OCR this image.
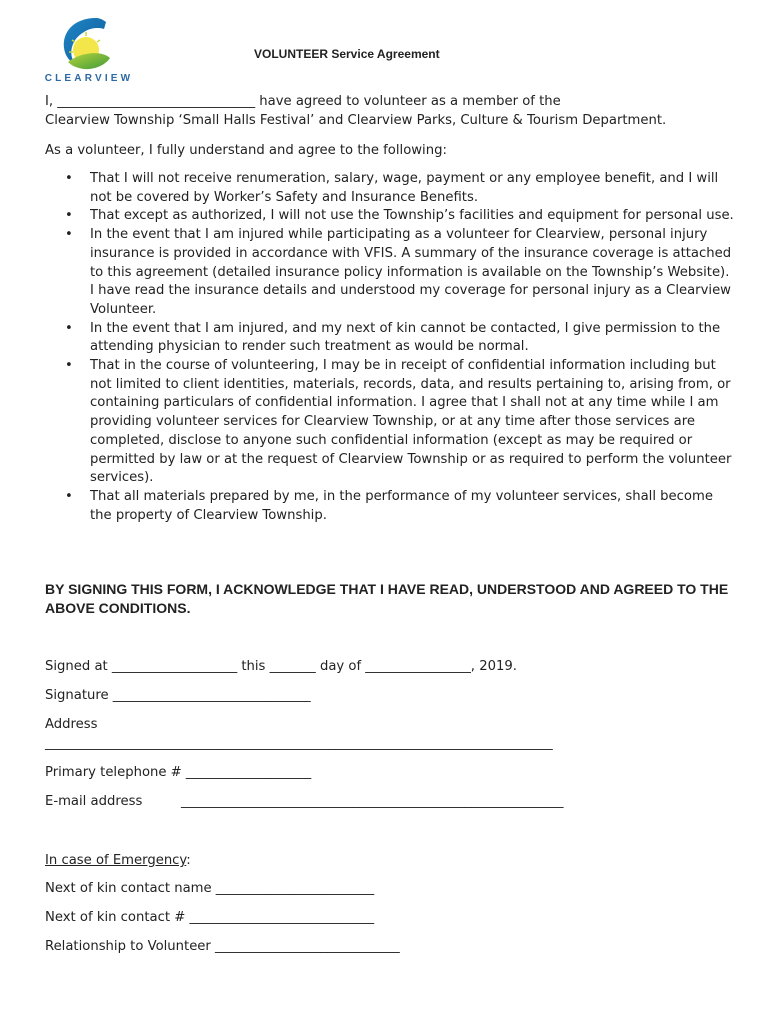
CLEARVIEW
VOLUNTEER Service Agreement
I, ______________________________ have agreed to volunteer as a member of the
Clearview Township ‘Small Halls Festival’ and Clearview Parks, Culture & Tourism Department.
As a volunteer, I fully understand and agree to the following:
• That I will not receive renumeration, salary, wage, payment or any employee benefit, and I will not be covered by Worker’s Safety and Insurance Benefits.
• That except as authorized, I will not use the Township’s facilities and equipment for personal use.
• In the event that I am injured while participating as a volunteer for Clearview, personal injury insurance is provided in accordance with VFIS. A summary of the insurance coverage is attached to this agreement (detailed insurance policy information is available on the Township’s Website). I have read the insurance details and understood my coverage for personal injury as a Clearview Volunteer.
• In the event that I am injured, and my next of kin cannot be contacted, I give permission to the attending physician to render such treatment as would be normal.
• That in the course of volunteering, I may be in receipt of confidential information including but not limited to client identities, materials, records, data, and results pertaining to, arising from, or containing particulars of confidential information. I agree that I shall not at any time while I am providing volunteer services for Clearview Township, or at any time after those services are completed, disclose to anyone such confidential information (except as may be required or permitted by law or at the request of Clearview Township or as required to perform the volunteer services).
• That all materials prepared by me, in the performance of my volunteer services, shall become the property of Clearview Township.
BY SIGNING THIS FORM, I ACKNOWLEDGE THAT I HAVE READ, UNDERSTOOD AND AGREED TO THE ABOVE CONDITIONS.
Signed at ___________________ this _______ day of ________________, 2019.
Signature ______________________________
Address
_____________________________________________________________________________
Primary telephone # ___________________
E-mail address	__________________________________________________________
In case of Emergency:
Next of kin contact name ________________________
Next of kin contact # ____________________________
Relationship to Volunteer ____________________________
